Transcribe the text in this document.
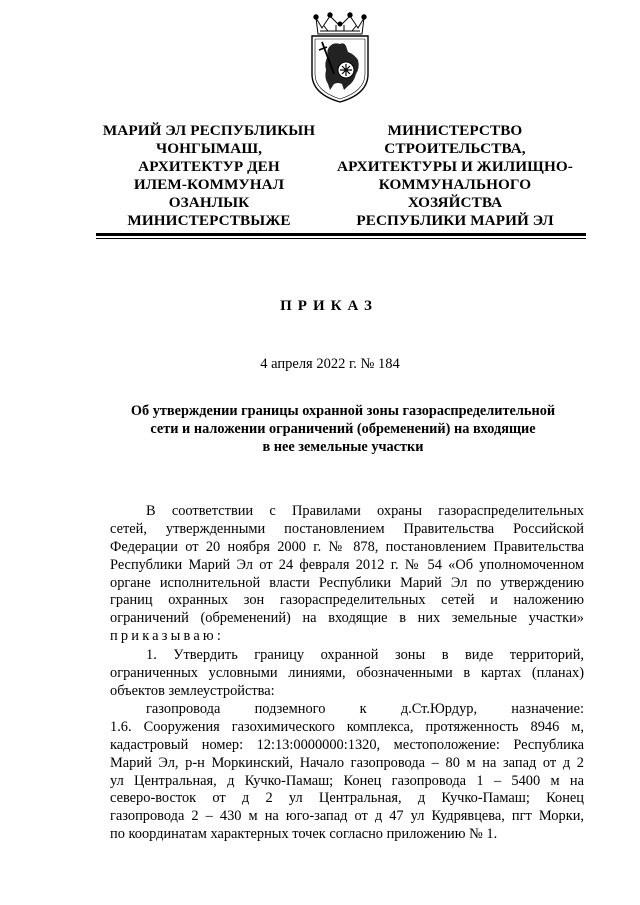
МАРИЙ ЭЛ РЕСПУБЛИКЫН
ЧОНГЫМАШ,
АРХИТЕКТУР ДЕН
ИЛЕМ-КОММУНАЛ
ОЗАНЛЫК
МИНИСТЕРСТВЫЖЕ
МИНИСТЕРСТВО
СТРОИТЕЛЬСТВА,
АРХИТЕКТУРЫ И ЖИЛИЩНО-
КОММУНАЛЬНОГО
ХОЗЯЙСТВА
РЕСПУБЛИКИ МАРИЙ ЭЛ
ПРИКАЗ
4 апреля 2022 г. № 184
Об утверждении границы охранной зоны газораспределительной
сети и наложении ограничений (обременений) на входящие
в нее земельные участки
В соответствии с Правилами охраны газораспределительных
сетей, утвержденными постановлением Правительства Российской
Федерации от 20 ноября 2000 г. № 878, постановлением Правительства
Республики Марий Эл от 24 февраля 2012 г. № 54 «Об уполномоченном
органе исполнительной власти Республики Марий Эл по утверждению
границ охранных зон газораспределительных сетей и наложению
ограничений (обременений) на входящие в них земельные участки»
приказываю:
1. Утвердить границу охранной зоны в виде территорий,
ограниченных условными линиями, обозначенными в картах (планах)
объектов землеустройства:
газопровода подземного к д.Ст.Юрдур, назначение:
1.6. Сооружения газохимического комплекса, протяженность 8946 м,
кадастровый номер: 12:13:0000000:1320, местоположение: Республика
Марий Эл, р-н Моркинский, Начало газопровода – 80 м на запад от д 2
ул Центральная, д Кучко-Памаш; Конец газопровода 1 – 5400 м на
северо-восток от д 2 ул Центральная, д Кучко-Памаш; Конец
газопровода 2 – 430 м на юго-запад от д 47 ул Кудрявцева, пгт Морки,
по координатам характерных точек согласно приложению № 1.
